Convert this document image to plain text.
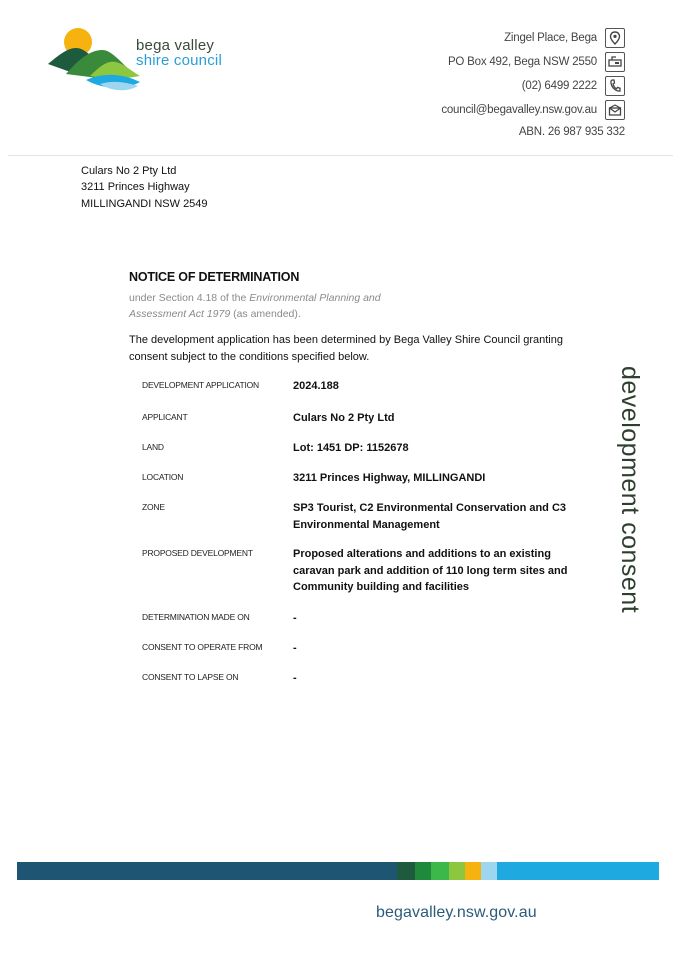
bega valley
shire council
Zingel Place, Bega
PO Box 492, Bega NSW 2550
(02) 6499 2222
council@begavalley.nsw.gov.au
ABN. 26 987 935 332
Culars No 2 Pty Ltd
3211 Princes Highway
MILLINGANDI NSW 2549
NOTICE OF DETERMINATION
under Section 4.18 of the Environmental Planning and Assessment Act 1979 (as amended).
The development application has been determined by Bega Valley Shire Council granting consent subject to the conditions specified below.
DEVELOPMENT APPLICATION	2024.188
APPLICANT	Culars No 2 Pty Ltd
LAND	Lot: 1451 DP: 1152678
LOCATION	3211 Princes Highway, MILLINGANDI
ZONE	SP3 Tourist, C2 Environmental Conservation and C3 Environmental Management
PROPOSED DEVELOPMENT	Proposed alterations and additions to an existing caravan park and addition of 110 long term sites and Community building and facilities
DETERMINATION MADE ON	-
CONSENT TO OPERATE FROM	-
CONSENT TO LAPSE ON	-
development consent
begavalley.nsw.gov.au
